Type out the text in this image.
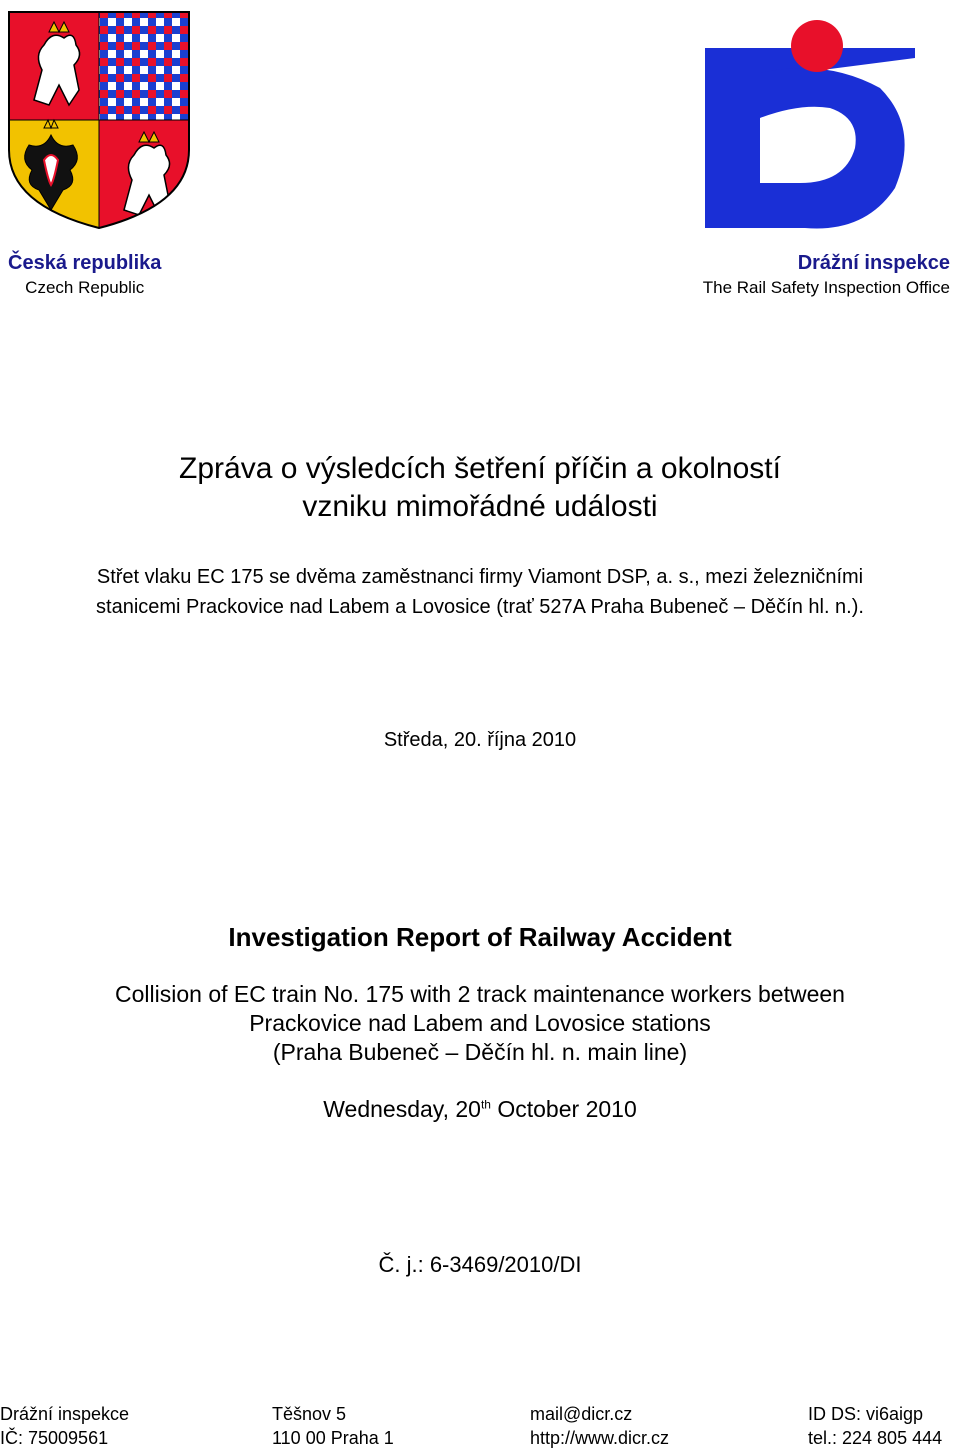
Česká republika
Czech Republic
Drážní inspekce
The Rail Safety Inspection Office
Zpráva o výsledcích šetření příčin a okolností
vzniku mimořádné události
Střet vlaku EC 175 se dvěma zaměstnanci firmy Viamont DSP, a. s., mezi železničními
stanicemi Prackovice nad Labem a Lovosice (trať 527A Praha Bubeneč – Děčín hl. n.).
Středa, 20. října 2010
Investigation Report of Railway Accident
Collision of EC train No. 175 with 2 track maintenance workers between
Prackovice nad Labem and Lovosice stations
(Praha Bubeneč – Děčín hl. n. main line)
Wednesday, 20th October 2010
Č. j.: 6-3469/2010/DI
Drážní inspekce
IČ: 75009561
Těšnov 5
110 00 Praha 1
mail@dicr.cz
http://www.dicr.cz
ID DS: vi6aigp
tel.: 224 805 444
